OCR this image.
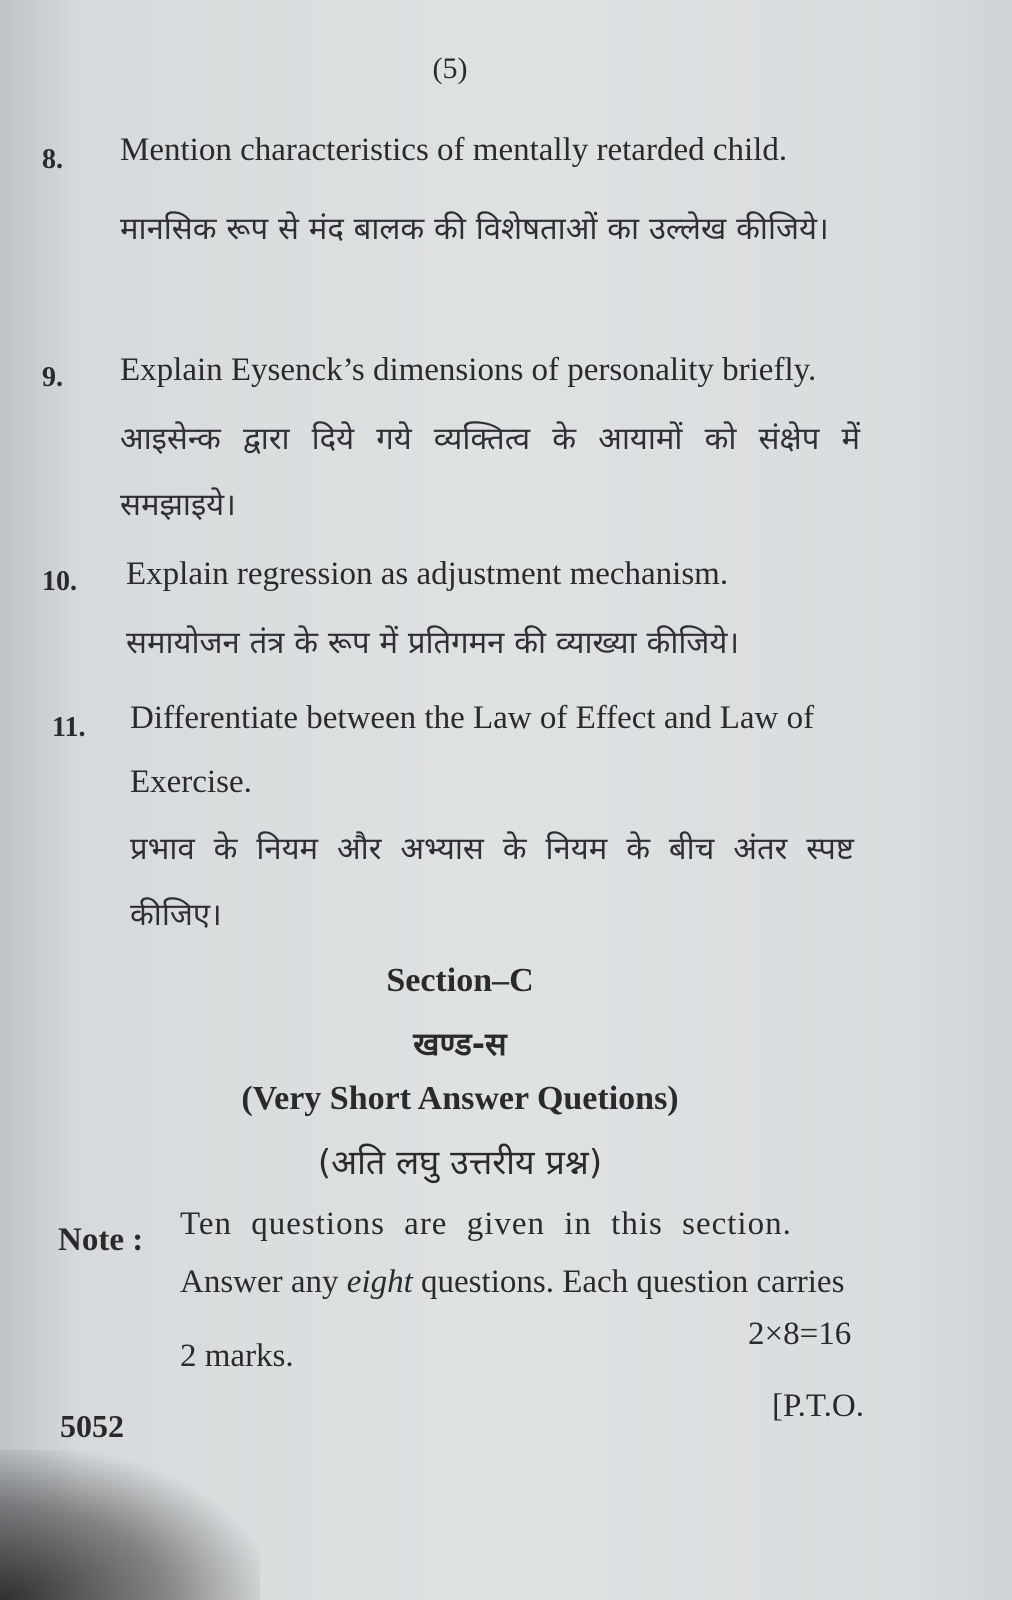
(5)
8. Mention characteristics of mentally retarded child.
मानसिक रूप से मंद बालक की विशेषताओं का उल्लेख कीजिये।
9. Explain Eysenck’s dimensions of personality briefly.
आइसेन्क द्वारा दिये गये व्यक्तित्व के आयामों को संक्षेप में समझाइये।
10. Explain regression as adjustment mechanism.
समायोजन तंत्र के रूप में प्रतिगमन की व्याख्या कीजिये।
11. Differentiate between the Law of Effect and Law of
Exercise.
प्रभाव के नियम और अभ्यास के नियम के बीच अंतर स्पष्ट कीजिए।
Section–C
खण्ड-स
(Very Short Answer Quetions)
(अति लघु उत्तरीय प्रश्न)
Note : Ten questions are given in this section.
Answer any eight questions. Each question carries
2 marks.
2×8=16
5052
[P.T.O.
